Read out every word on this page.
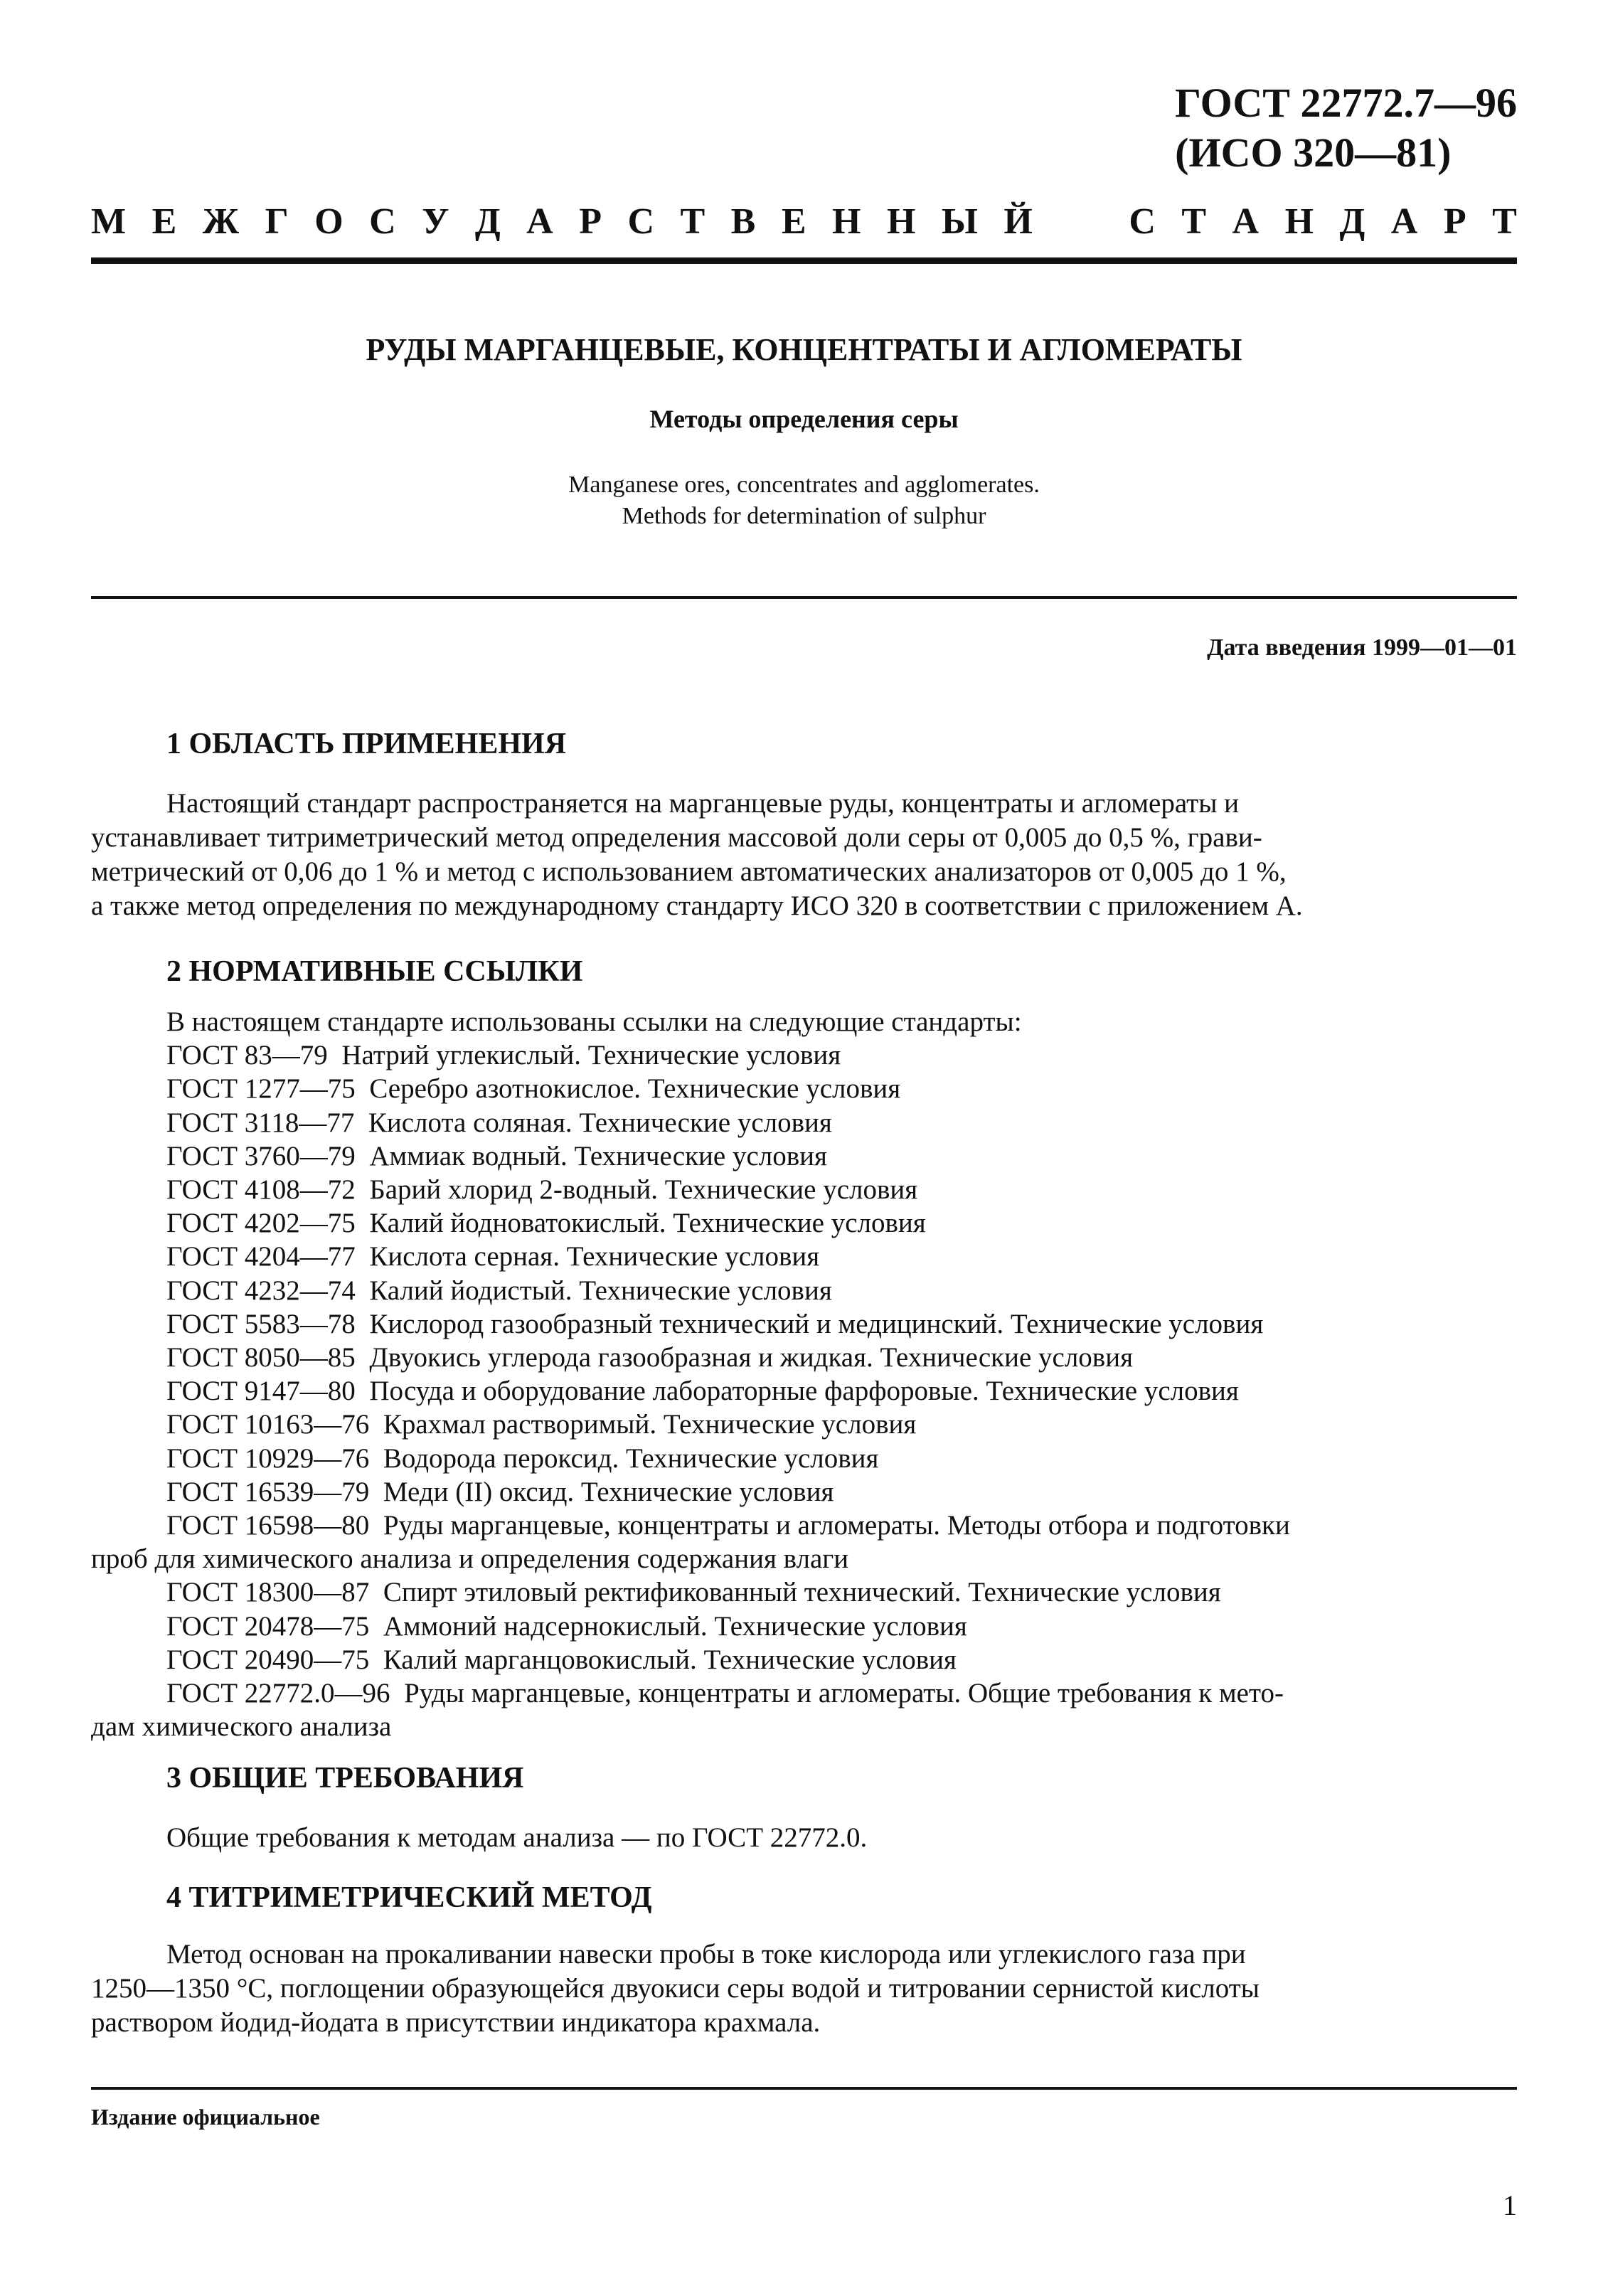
ГОСТ 22772.7—96
(ИСО 320—81)
М Е Ж Г О С У Д А Р С Т В Е Н Н Ы Й

	С Т А Н Д А Р Т
РУДЫ МАРГАНЦЕВЫЕ, КОНЦЕНТРАТЫ И АГЛОМЕРАТЫ
Методы определения серы
Manganese ores, concentrates and agglomerates.
Methods for determination of sulphur
Дата введения 1999—01—01
1 ОБЛАСТЬ ПРИМЕНЕНИЯ
Настоящий стандарт распространяется на марганцевые руды, концентраты и агломераты и
устанавливает титриметрический метод определения массовой доли серы от 0,005 до 0,5 %, грави-
метрический от 0,06 до 1 % и метод с использованием автоматических анализаторов от 0,005 до 1 %,
а также метод определения по международному стандарту ИСО 320 в соответствии с приложением А.
2 НОРМАТИВНЫЕ ССЫЛКИ
В настоящем стандарте использованы ссылки на следующие стандарты:
ГОСТ 83—79 Натрий углекислый. Технические условия
ГОСТ 1277—75 Серебро азотнокислое. Технические условия
ГОСТ 3118—77 Кислота соляная. Технические условия
ГОСТ 3760—79 Аммиак водный. Технические условия
ГОСТ 4108—72 Барий хлорид 2-водный. Технические условия
ГОСТ 4202—75 Калий йодноватокислый. Технические условия
ГОСТ 4204—77 Кислота серная. Технические условия
ГОСТ 4232—74 Калий йодистый. Технические условия
ГОСТ 5583—78 Кислород газообразный технический и медицинский. Технические условия
ГОСТ 8050—85 Двуокись углерода газообразная и жидкая. Технические условия
ГОСТ 9147—80 Посуда и оборудование лабораторные фарфоровые. Технические условия
ГОСТ 10163—76 Крахмал растворимый. Технические условия
ГОСТ 10929—76 Водорода пероксид. Технические условия
ГОСТ 16539—79 Меди (II) оксид. Технические условия
ГОСТ 16598—80 Руды марганцевые, концентраты и агломераты. Методы отбора и подготовки
проб для химического анализа и определения содержания влаги
ГОСТ 18300—87 Спирт этиловый ректификованный технический. Технические условия
ГОСТ 20478—75 Аммоний надсернокислый. Технические условия
ГОСТ 20490—75 Калий марганцовокислый. Технические условия
ГОСТ 22772.0—96 Руды марганцевые, концентраты и агломераты. Общие требования к мето-
дам химического анализа
3 ОБЩИЕ ТРЕБОВАНИЯ
Общие требования к методам анализа — по ГОСТ 22772.0.
4 ТИТРИМЕТРИЧЕСКИЙ МЕТОД
Метод основан на прокаливании навески пробы в токе кислорода или углекислого газа при
1250—1350 °С, поглощении образующейся двуокиси серы водой и титровании сернистой кислоты
раствором йодид-йодата в присутствии индикатора крахмала.
Издание официальное
1
